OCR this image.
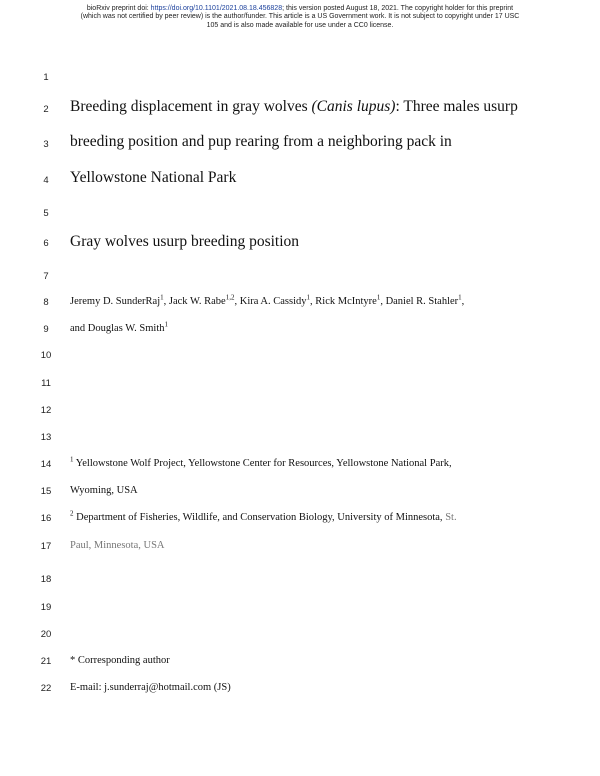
bioRxiv preprint doi: https://doi.org/10.1101/2021.08.18.456828; this version posted August 18, 2021. The copyright holder for this preprint
(which was not certified by peer review) is the author/funder. This article is a US Government work. It is not subject to copyright under 17 USC
105 and is also made available for use under a CC0 license.
1
2
3
4
5
6
7
8
9
10
11
12
13
14
15
16
17
18
19
20
21
22
Breeding displacement in gray wolves (Canis lupus): Three males usurp
breeding position and pup rearing from a neighboring pack in
Yellowstone National Park
Gray wolves usurp breeding position
Jeremy D. SunderRaj$^1$, Jack W. Rabe$^{1,2}$, Kira A. Cassidy$^1$, Rick McIntyre$^1$, Daniel R. Stahler$^1$,
and Douglas W. Smith$^1$
$^1$ Yellowstone Wolf Project, Yellowstone Center for Resources, Yellowstone National Park,
Wyoming, USA
$^2$ Department of Fisheries, Wildlife, and Conservation Biology, University of Minnesota, St.
Paul, Minnesota, USA
* Corresponding author
E-mail: j.sunderraj@hotmail.com (JS)
